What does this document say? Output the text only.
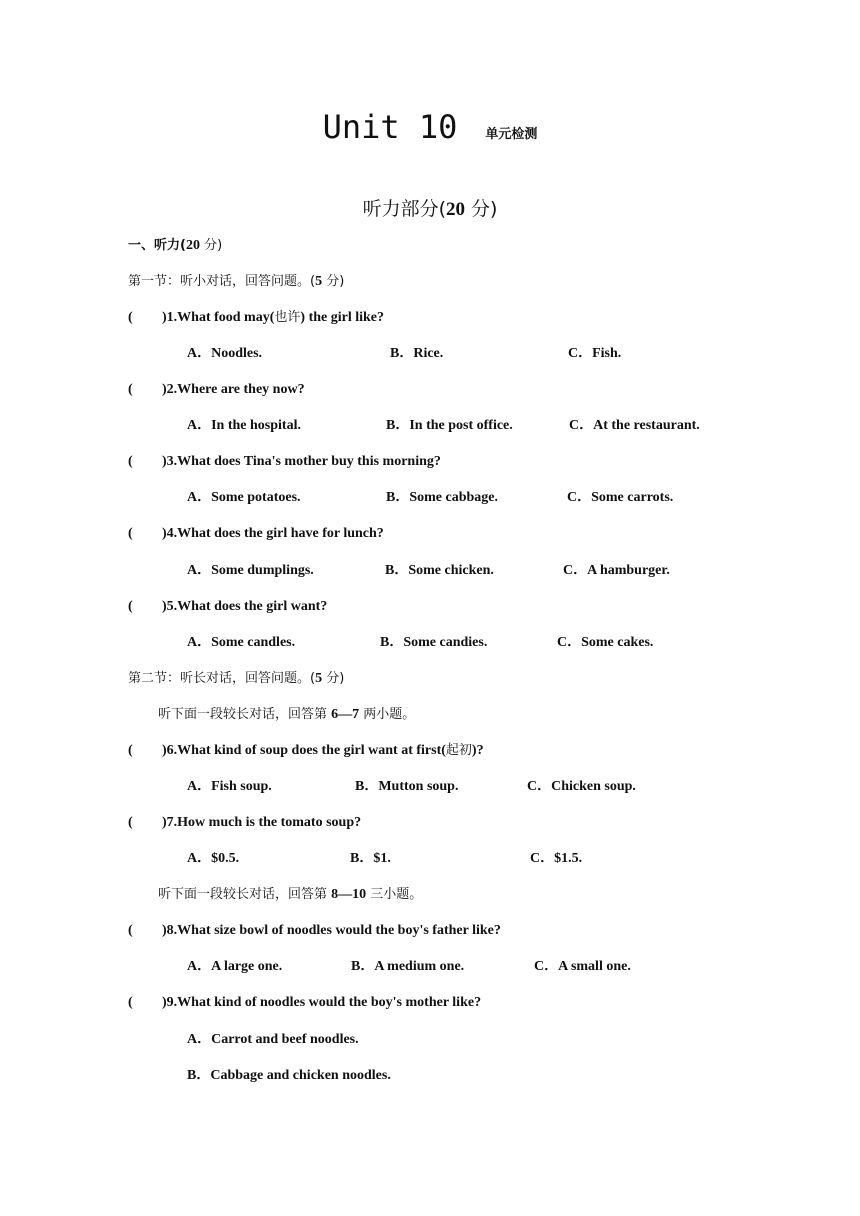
Unit 10 单元检测
听力部分(20 分)
一、听力(20 分)
第一节：听小对话，回答问题。(5 分)
( )1.What food may(也许) the girl like?
A．Noodles.	B．Rice.	C．Fish.
( )2.Where are they now?
A．In the hospital.	B．In the post office.	C．At the restaurant.
( )3.What does Tina's mother buy this morning?
A．Some potatoes.	B．Some cabbage.	C．Some carrots.
( )4.What does the girl have for lunch?
A．Some dumplings.	B．Some chicken.	C．A hamburger.
( )5.What does the girl want?
A．Some candles.	B．Some candies.	C．Some cakes.
第二节：听长对话，回答问题。(5 分)
听下面一段较长对话，回答第 6—7 两小题。
( )6.What kind of soup does the girl want at first(起初)?
A．Fish soup.	B．Mutton soup.	C．Chicken soup.
( )7.How much is the tomato soup?
A．$0.5.	B．$1.	C．$1.5.
听下面一段较长对话，回答第 8—10 三小题。
( )8.What size bowl of noodles would the boy's father like?
A．A large one.	B．A medium one.	C．A small one.
( )9.What kind of noodles would the boy's mother like?
A．Carrot and beef noodles.
B．Cabbage and chicken noodles.
